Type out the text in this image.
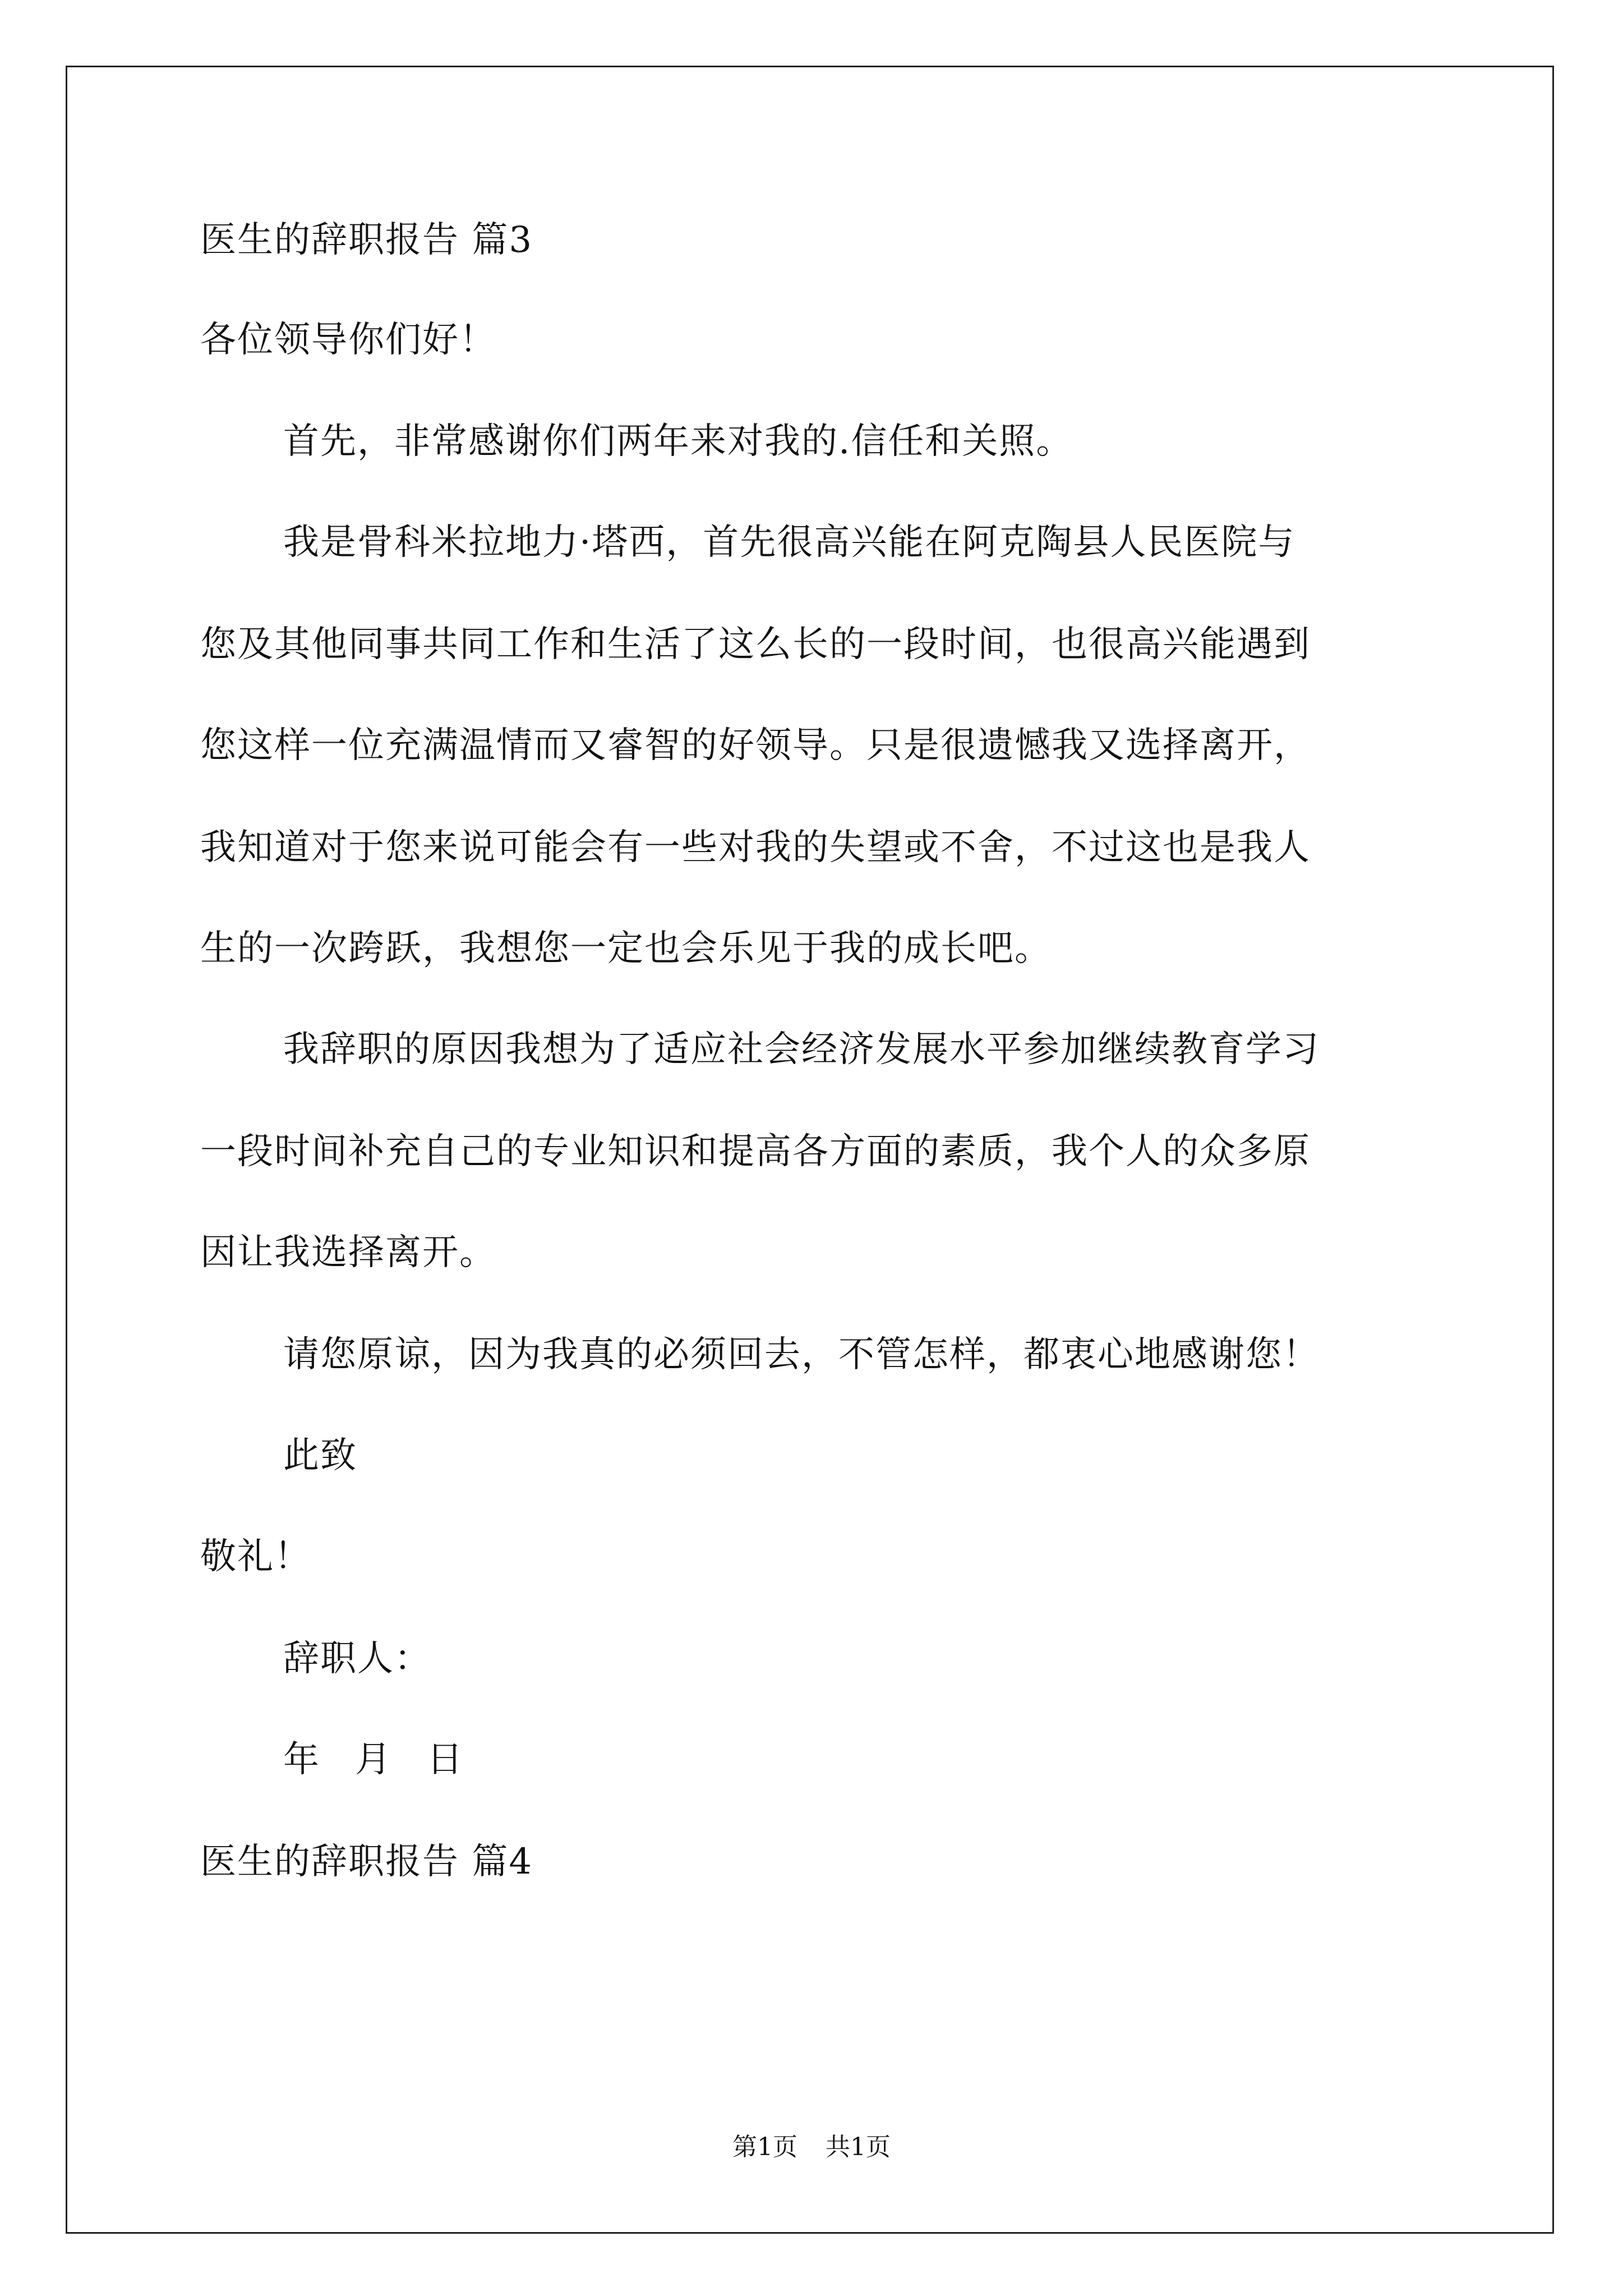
医生的辞职报告 篇3
各位领导你们好！
首先，非常感谢你们两年来对我的.信任和关照。
我是骨科米拉地力·塔西，首先很高兴能在阿克陶县人民医院与
您及其他同事共同工作和生活了这么长的一段时间，也很高兴能遇到
您这样一位充满温情而又睿智的好领导。只是很遗憾我又选择离开，
我知道对于您来说可能会有一些对我的失望或不舍，不过这也是我人
生的一次跨跃，我想您一定也会乐见于我的成长吧。
我辞职的原因我想为了适应社会经济发展水平参加继续教育学习
一段时间补充自己的专业知识和提高各方面的素质，我个人的众多原
因让我选择离开。
请您原谅，因为我真的必须回去，不管怎样，都衷心地感谢您！
此致
敬礼！
辞职人：
年 月 日
医生的辞职报告 篇4
第1页 共1页
